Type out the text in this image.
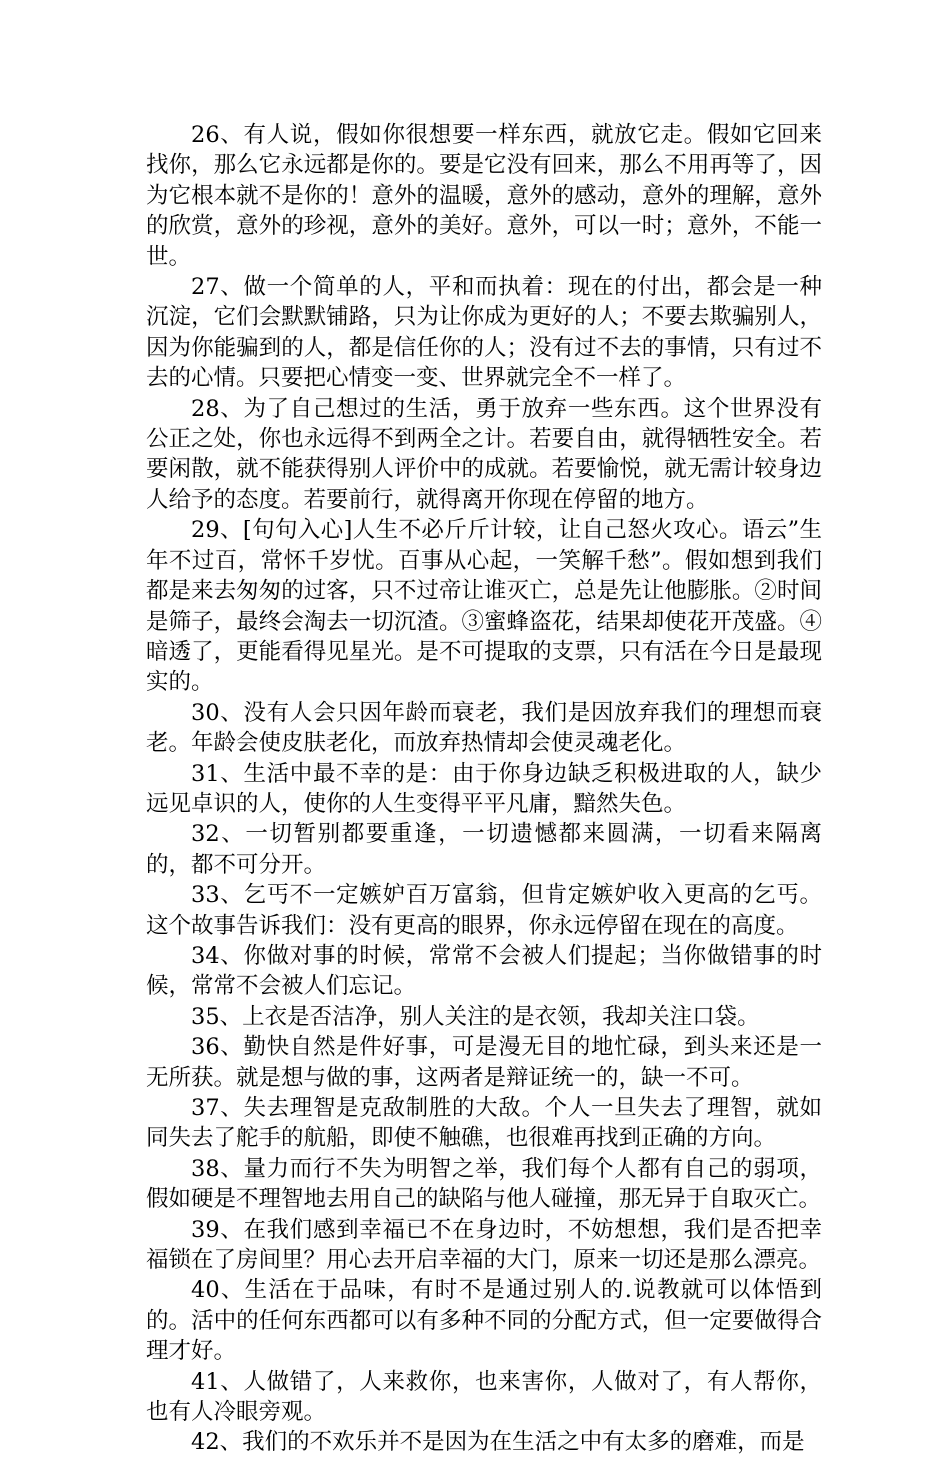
26、有人说，假如你很想要一样东西，就放它走。假如它回来找你，那么它永远都是你的。要是它没有回来，那么不用再等了，因为它根本就不是你的！意外的温暖，意外的感动，意外的理解，意外的欣赏，意外的珍视，意外的美好。意外，可以一时；意外，不能一世。

27、做一个简单的人，平和而执着：现在的付出，都会是一种沉淀，它们会默默铺路，只为让你成为更好的人；不要去欺骗别人，因为你能骗到的人，都是信任你的人；没有过不去的事情，只有过不去的心情。只要把心情变一变、世界就完全不一样了。

28、为了自己想过的生活，勇于放弃一些东西。这个世界没有公正之处，你也永远得不到两全之计。若要自由，就得牺牲安全。若要闲散，就不能获得别人评价中的成就。若要愉悦，就无需计较身边人给予的态度。若要前行，就得离开你现在停留的地方。

29、[句句入心]人生不必斤斤计较，让自己怒火攻心。语云”生年不过百，常怀千岁忧。百事从心起，一笑解千愁”。假如想到我们都是来去匆匆的过客，只不过帝让谁灭亡，总是先让他膨胀。②时间是筛子，最终会淘去一切沉渣。③蜜蜂盗花，结果却使花开茂盛。④暗透了，更能看得见星光。是不可提取的支票，只有活在今日是最现实的。

30、没有人会只因年龄而衰老，我们是因放弃我们的理想而衰老。年龄会使皮肤老化，而放弃热情却会使灵魂老化。

31、生活中最不幸的是：由于你身边缺乏积极进取的人，缺少远见卓识的人，使你的人生变得平平凡庸，黯然失色。

32、一切暂别都要重逢，一切遗憾都来圆满，一切看来隔离的，都不可分开。

33、乞丐不一定嫉妒百万富翁，但肯定嫉妒收入更高的乞丐。这个故事告诉我们：没有更高的眼界，你永远停留在现在的高度。

34、你做对事的时候，常常不会被人们提起；当你做错事的时候，常常不会被人们忘记。

35、上衣是否洁净，别人关注的是衣领，我却关注口袋。

36、勤快自然是件好事，可是漫无目的地忙碌，到头来还是一无所获。就是想与做的事，这两者是辩证统一的，缺一不可。

37、失去理智是克敌制胜的大敌。个人一旦失去了理智，就如同失去了舵手的航船，即使不触礁，也很难再找到正确的方向。

38、量力而行不失为明智之举，我们每个人都有自己的弱项，假如硬是不理智地去用自己的缺陷与他人碰撞，那无异于自取灭亡。

39、在我们感到幸福已不在身边时，不妨想想，我们是否把幸福锁在了房间里？用心去开启幸福的大门，原来一切还是那么漂亮。

40、生活在于品味，有时不是通过别人的.说教就可以体悟到的。活中的任何东西都可以有多种不同的分配方式，但一定要做得合理才好。

41、人做错了，人来救你，也来害你，人做对了，有人帮你，也有人冷眼旁观。

42、我们的不欢乐并不是因为在生活之中有太多的磨难，而是
